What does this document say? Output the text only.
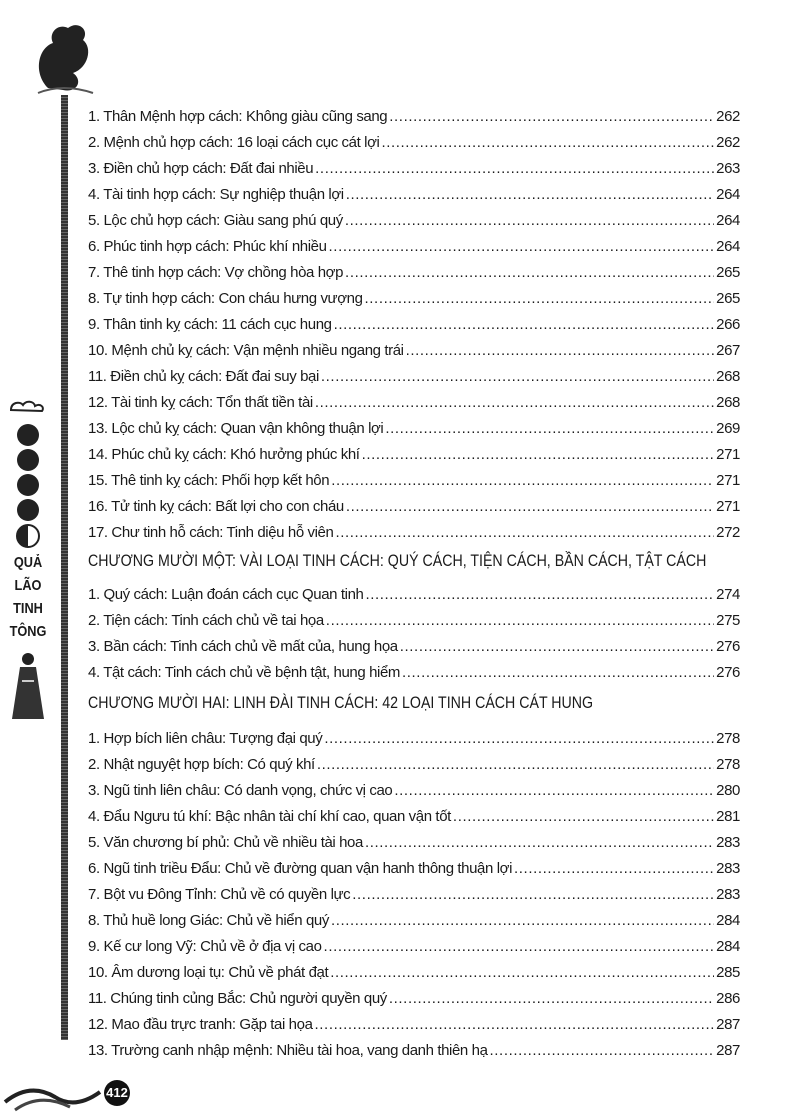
QUẢ
LÃO
TINH
TÔNG
1. Thân Mệnh hợp cách: Không giàu cũng sang .....	262
2. Mệnh chủ hợp cách: 16 loại cách cục cát lợi .....	262
3. Điền chủ hợp cách: Đất đai nhiều .....	263
4. Tài tinh hợp cách: Sự nghiệp thuận lợi .....	264
5. Lộc chủ hợp cách: Giàu sang phú quý .....	264
6. Phúc tinh hợp cách: Phúc khí nhiều .....	264
7. Thê tinh hợp cách: Vợ chồng hòa hợp .....	265
8. Tự tinh hợp cách: Con cháu hưng vượng .....	265
9. Thân tinh kỵ cách: 11 cách cục hung .....	266
10. Mệnh chủ kỵ cách: Vận mệnh nhiều ngang trái .....	267
11. Điền chủ kỵ cách: Đất đai suy bại .....	268
12. Tài tinh kỵ cách: Tổn thất tiền tài .....	268
13. Lộc chủ kỵ cách: Quan vận không thuận lợi .....	269
14. Phúc chủ kỵ cách: Khó hưởng phúc khí .....	271
15. Thê tinh kỵ cách: Phối hợp kết hôn .....	271
16. Tử tinh kỵ cách: Bất lợi cho con cháu .....	271
17. Chư tinh hỗ cách: Tinh diệu hỗ viên .....	272
CHƯƠNG MƯỜI MỘT: VÀI LOẠI TINH CÁCH: QUÝ CÁCH, TIỆN CÁCH, BẦN CÁCH, TẬT CÁCH
1. Quý cách: Luận đoán cách cục Quan tinh .....	274
2. Tiện cách: Tinh cách chủ về tai họa .....	275
3. Bần cách: Tinh cách chủ về mất của, hung họa .....	276
4. Tật cách: Tinh cách chủ về bệnh tật, hung hiểm .....	276
CHƯƠNG MƯỜI HAI: LINH ĐÀI TINH CÁCH: 42 LOẠI TINH CÁCH CÁT HUNG
1. Hợp bích liên châu: Tượng đại quý .....	278
2. Nhật nguyệt hợp bích: Có quý khí .....	278
3. Ngũ tinh liên châu: Có danh vọng, chức vị cao .....	280
4. Đẩu Ngưu tú khí: Bậc nhân tài chí khí cao, quan vận tốt .....	281
5. Văn chương bí phủ: Chủ về nhiều tài hoa .....	283
6. Ngũ tinh triều Đẩu: Chủ về đường quan vận hanh thông thuận lợi .....	283
7. Bột vu Đông Tỉnh: Chủ về có quyền lực .....	283
8. Thủ huề long Giác: Chủ về hiển quý .....	284
9. Kế cư long Vỹ: Chủ về ở địa vị cao .....	284
10. Âm dương loại tụ: Chủ về phát đạt .....	285
11. Chúng tinh củng Bắc: Chủ người quyền quý .....	286
12. Mao đầu trực tranh: Gặp tai họa .....	287
13. Trường canh nhập mệnh: Nhiều tài hoa, vang danh thiên hạ .....	287
412
